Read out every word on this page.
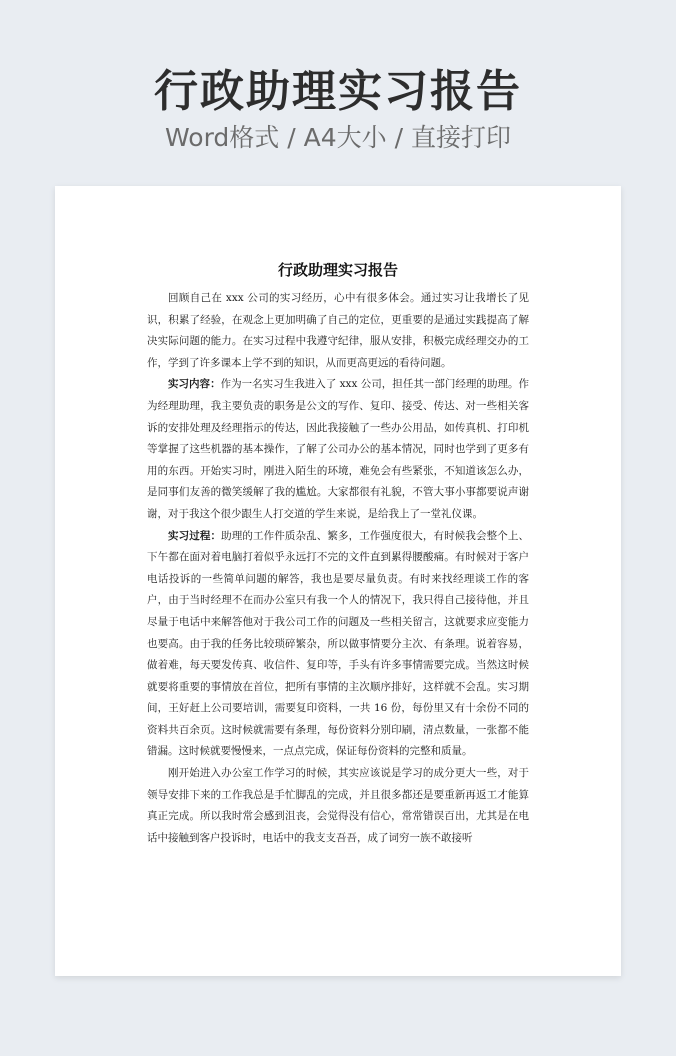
行政助理实习报告
Word格式 / A4大小 / 直接打印
行政助理实习报告

回顾自己在 xxx 公司的实习经历，心中有很多体会。通过实习让我增长了见识，积累了经验，在观念上更加明确了自己的定位，更重要的是通过实践提高了解决实际问题的能力。在实习过程中我遵守纪律，服从安排，积极完成经理交办的工作，学到了许多课本上学不到的知识，从而更高更远的看待问题。

实习内容：作为一名实习生我进入了 xxx 公司，担任其一部门经理的助理。作为经理助理，我主要负责的职务是公文的写作、复印、接受、传达、对一些相关客诉的安排处理及经理指示的传达，因此我接触了一些办公用品，如传真机、打印机等掌握了这些机器的基本操作，了解了公司办公的基本情况，同时也学到了更多有用的东西。开始实习时，刚进入陌生的环境，难免会有些紧张，不知道该怎么办，是同事们友善的微笑缓解了我的尴尬。大家都很有礼貌，不管大事小事都要说声谢谢，对于我这个很少跟生人打交道的学生来说，是给我上了一堂礼仪课。

实习过程：助理的工作件质杂乱、繁多，工作强度很大，有时候我会整个上、下午都在面对着电脑打着似乎永远打不完的文件直到累得腰酸痛。有时候对于客户电话投诉的一些简单问题的解答，我也是要尽量负责。有时来找经理谈工作的客户，由于当时经理不在而办公室只有我一个人的情况下，我只得自己接待他，并且尽量于电话中来解答他对于我公司工作的问题及一些相关留言，这就要求应变能力也要高。由于我的任务比较琐碎繁杂，所以做事情要分主次、有条理。说着容易，做着难，每天要发传真、收信件、复印等，手头有许多事情需要完成。当然这时候就要将重要的事情放在首位，把所有事情的主次顺序排好，这样就不会乱。实习期间，王好赶上公司要培训，需要复印资料，一共 16 份，每份里又有十余份不同的资料共百余页。这时候就需要有条理，每份资料分别印刷，清点数量，一张都不能错漏。这时候就要慢慢来，一点点完成，保证每份资料的完整和质量。

刚开始进入办公室工作学习的时候，其实应该说是学习的成分更大一些，对于领导安排下来的工作我总是手忙脚乱的完成，并且很多都还是要重新再返工才能算真正完成。所以我时常会感到沮丧，会觉得没有信心，常常错误百出，尤其是在电话中接触到客户投诉时，电话中的我支支吾吾，成了词穷一族不敢接听
